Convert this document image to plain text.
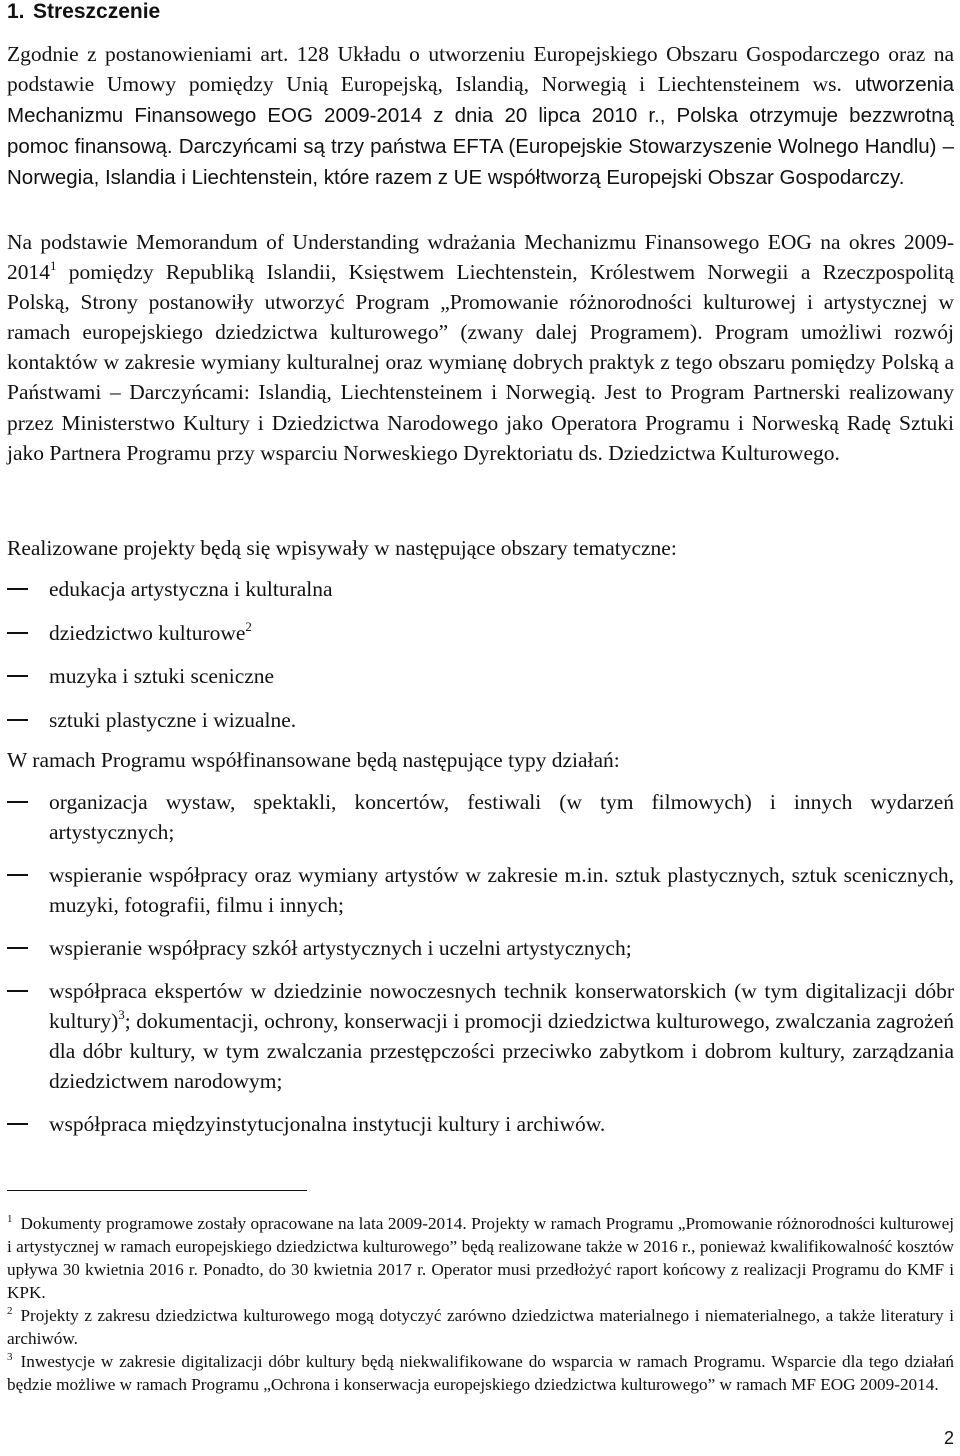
1. Streszczenie

Zgodnie z postanowieniami art. 128 Układu o utworzeniu Europejskiego Obszaru Gospodarczego oraz na podstawie Umowy pomiędzy Unią Europejską, Islandią, Norwegią i Liechtensteinem ws. utworzenia Mechanizmu Finansowego EOG 2009-2014 z dnia 20 lipca 2010 r., Polska otrzymuje bezzwrotną pomoc finansową. Darczyńcami są trzy państwa EFTA (Europejskie Stowarzyszenie Wolnego Handlu) – Norwegia, Islandia i Liechtenstein, które razem z UE współtworzą Europejski Obszar Gospodarczy.

Na podstawie Memorandum of Understanding wdrażania Mechanizmu Finansowego EOG na okres 2009-2014$^1$ pomiędzy Republiką Islandii, Księstwem Liechtenstein, Królestwem Norwegii a Rzeczpospolitą Polską, Strony postanowiły utworzyć Program „Promowanie różnorodności kulturowej i artystycznej w ramach europejskiego dziedzictwa kulturowego” (zwany dalej Programem). Program umożliwi rozwój kontaktów w zakresie wymiany kulturalnej oraz wymianę dobrych praktyk z tego obszaru pomiędzy Polską a Państwami – Darczyńcami: Islandią, Liechtensteinem i Norwegią. Jest to Program Partnerski realizowany przez Ministerstwo Kultury i Dziedzictwa Narodowego jako Operatora Programu i Norweską Radę Sztuki jako Partnera Programu przy wsparciu Norweskiego Dyrektoriatu ds. Dziedzictwa Kulturowego.

Realizowane projekty będą się wpisywały w następujące obszary tematyczne:

edukacja artystyczna i kulturalna
dziedzictwo kulturowe$^2$
muzyka i sztuki sceniczne
sztuki plastyczne i wizualne.

W ramach Programu współfinansowane będą następujące typy działań:

organizacja wystaw, spektakli, koncertów, festiwali (w tym filmowych) i innych wydarzeń artystycznych;
wspieranie współpracy oraz wymiany artystów w zakresie m.in. sztuk plastycznych, sztuk scenicznych, muzyki, fotografii, filmu i innych;
wspieranie współpracy szkół artystycznych i uczelni artystycznych;
współpraca ekspertów w dziedzinie nowoczesnych technik konserwatorskich (w tym digitalizacji dóbr kultury)$^3$; dokumentacji, ochrony, konserwacji i promocji dziedzictwa kulturowego, zwalczania zagrożeń dla dóbr kultury, w tym zwalczania przestępczości przeciwko zabytkom i dobrom kultury, zarządzania dziedzictwem narodowym;
współpraca międzyinstytucjonalna instytucji kultury i archiwów.

$^1$ Dokumenty programowe zostały opracowane na lata 2009-2014. Projekty w ramach Programu „Promowanie różnorodności kulturowej i artystycznej w ramach europejskiego dziedzictwa kulturowego” będą realizowane także w 2016 r., ponieważ kwalifikowalność kosztów upływa 30 kwietnia 2016 r. Ponadto, do 30 kwietnia 2017 r. Operator musi przedłożyć raport końcowy z realizacji Programu do KMF i KPK.

$^2$ Projekty z zakresu dziedzictwa kulturowego mogą dotyczyć zarówno dziedzictwa materialnego i niematerialnego, a także literatury i archiwów.

$^3$ Inwestycje w zakresie digitalizacji dóbr kultury będą niekwalifikowane do wsparcia w ramach Programu. Wsparcie dla tego działań będzie możliwe w ramach Programu „Ochrona i konserwacja europejskiego dziedzictwa kulturowego” w ramach MF EOG 2009-2014.

2
